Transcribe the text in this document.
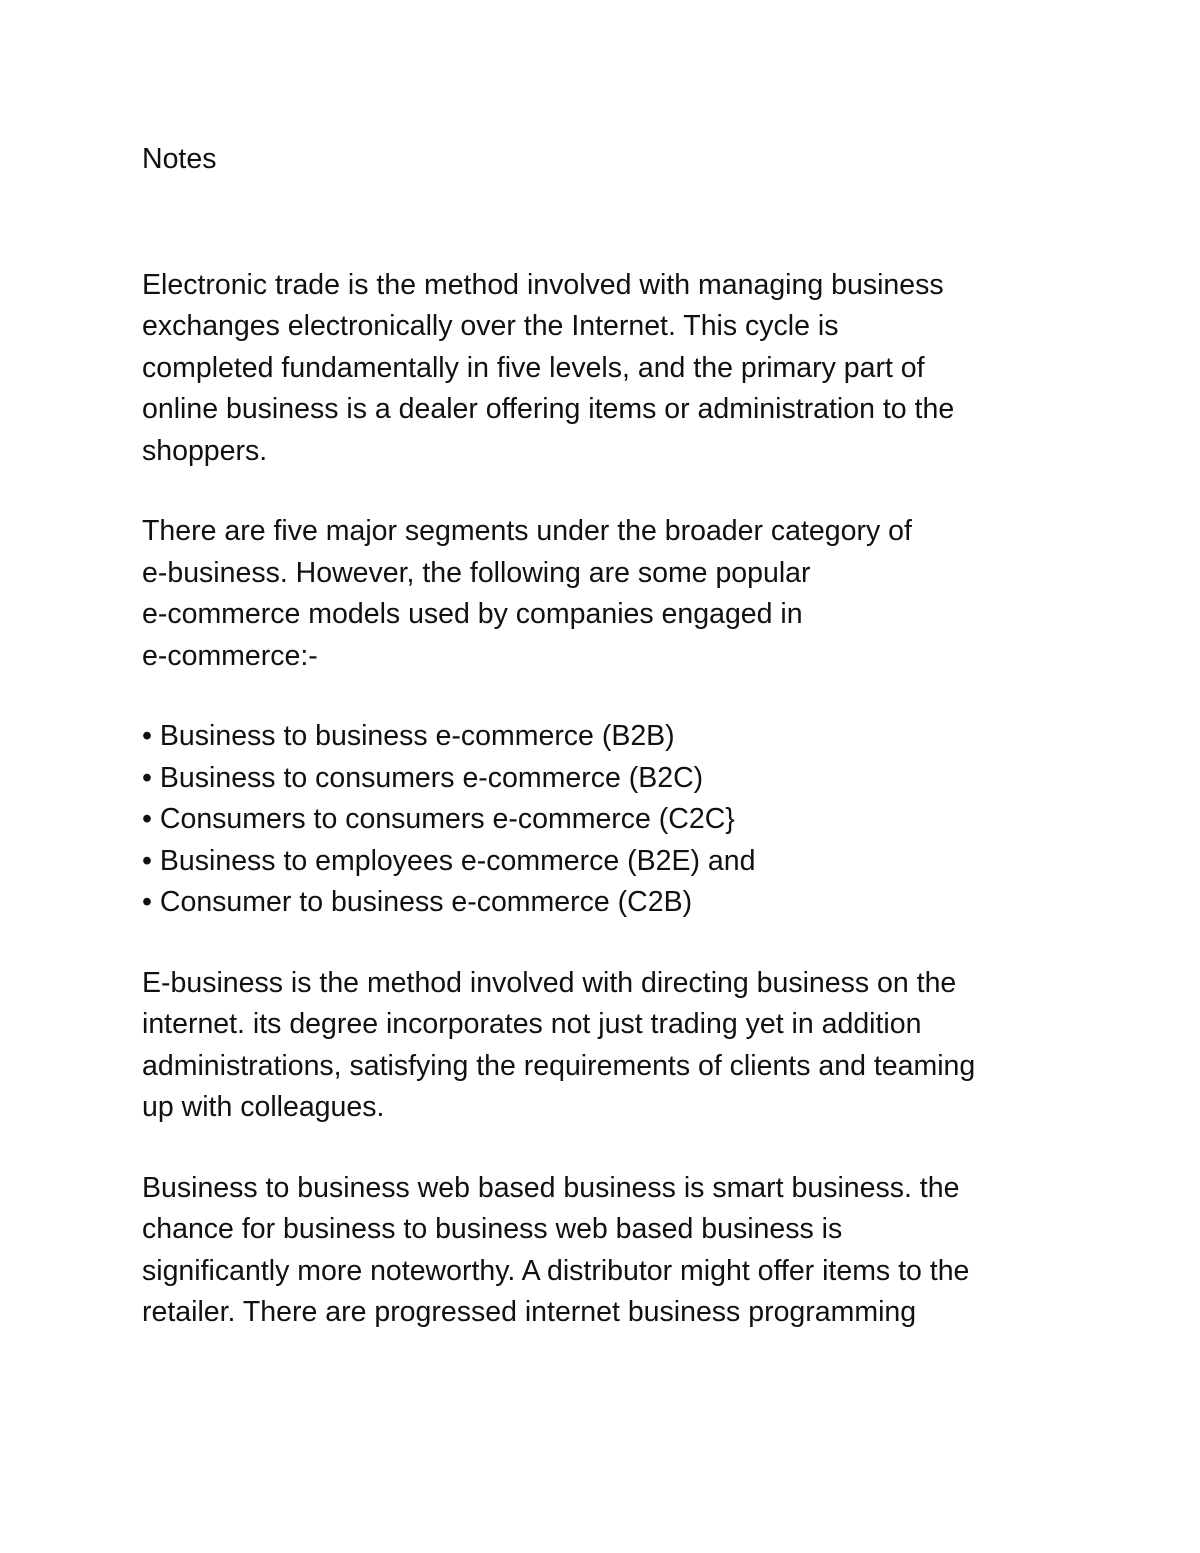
Notes

Electronic trade is the method involved with managing business
exchanges electronically over the Internet. This cycle is
completed fundamentally in five levels, and the primary part of
online business is a dealer offering items or administration to the
shoppers.

There are five major segments under the broader category of
e-business. However, the following are some popular
e-commerce models used by companies engaged in
e-commerce:-

• Business to business e-commerce (B2B)
• Business to consumers e-commerce (B2C)
• Consumers to consumers e-commerce (C2C}
• Business to employees e-commerce (B2E) and
• Consumer to business e-commerce (C2B)

E-business is the method involved with directing business on the
internet. its degree incorporates not just trading yet in addition
administrations, satisfying the requirements of clients and teaming
up with colleagues.

Business to business web based business is smart business. the
chance for business to business web based business is
significantly more noteworthy. A distributor might offer items to the
retailer. There are progressed internet business programming
